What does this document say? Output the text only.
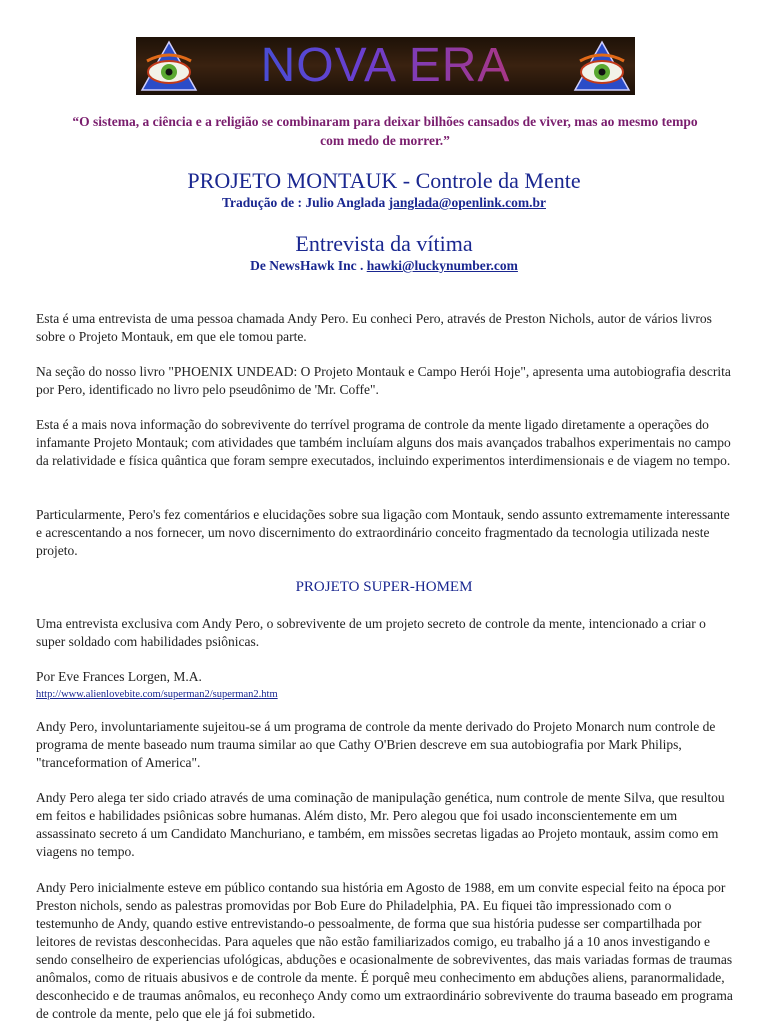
NOVA ERA
“O sistema, a ciência e a religião se combinaram para deixar bilhões cansados de viver, mas ao mesmo tempo com medo de morrer.”
PROJETO MONTAUK - Controle da Mente
Tradução de : Julio Anglada janglada@openlink.com.br
Entrevista da vítima
De NewsHawk Inc . hawki@luckynumber.com

Esta é uma entrevista de uma pessoa chamada Andy Pero. Eu conheci Pero, através de Preston Nichols, autor de vários livros sobre o Projeto Montauk, em que ele tomou parte.

Na seção do nosso livro "PHOENIX UNDEAD: O Projeto Montauk e Campo Herói Hoje", apresenta uma autobiografia descrita por Pero, identificado no livro pelo pseudônimo de 'Mr. Coffe".

Esta é a mais nova informação do sobrevivente do terrível programa de controle da mente ligado diretamente a operações do infamante Projeto Montauk; com atividades que também incluíam alguns dos mais avançados trabalhos experimentais no campo da relatividade e física quântica que foram sempre executados, incluindo experimentos interdimensionais e de viagem no tempo.

Particularmente, Pero's fez comentários e elucidações sobre sua ligação com Montauk, sendo assunto extremamente interessante e acrescentando a nos fornecer, um novo discernimento do extraordinário conceito fragmentado da tecnologia utilizada neste projeto.

PROJETO SUPER-HOMEM

Uma entrevista exclusiva com Andy Pero, o sobrevivente de um projeto secreto de controle da mente, intencionado a criar o super soldado com habilidades psiônicas.

Por Eve Frances Lorgen, M.A.
http://www.alienlovebite.com/superman2/superman2.htm

Andy Pero, involuntariamente sujeitou-se á um programa de controle da mente derivado do Projeto Monarch num controle de programa de mente baseado num trauma similar ao que Cathy O'Brien descreve em sua autobiografia por Mark Philips, "tranceformation of America".

Andy Pero alega ter sido criado através de uma cominação de manipulação genética, num controle de mente Silva, que resultou em feitos e habilidades psiônicas sobre humanas. Além disto, Mr. Pero alegou que foi usado inconscientemente em um assassinato secreto á um Candidato Manchuriano, e também, em missões secretas ligadas ao Projeto montauk, assim como em viagens no tempo.

Andy Pero inicialmente esteve em público contando sua história em Agosto de 1988, em um convite especial feito na época por Preston nichols, sendo as palestras promovidas por Bob Eure do Philadelphia, PA. Eu fiquei tão impressionado com o testemunho de Andy, quando estive entrevistando-o pessoalmente, de forma que sua história pudesse ser compartilhada por leitores de revistas desconhecidas. Para aqueles que não estão familiarizados comigo, eu trabalho já a 10 anos investigando e sendo conselheiro de experiencias ufológicas, abduções e ocasionalmente de sobreviventes, das mais variadas formas de traumas anômalos, como de rituais abusivos e de controle da mente. É porquê meu conhecimento em abduções aliens, paranormalidade, desconhecido e de traumas anômalos, eu reconheço Andy como um extraordinário sobrevivente do trauma baseado em programa de controle da mente, pelo que ele já foi submetido.
